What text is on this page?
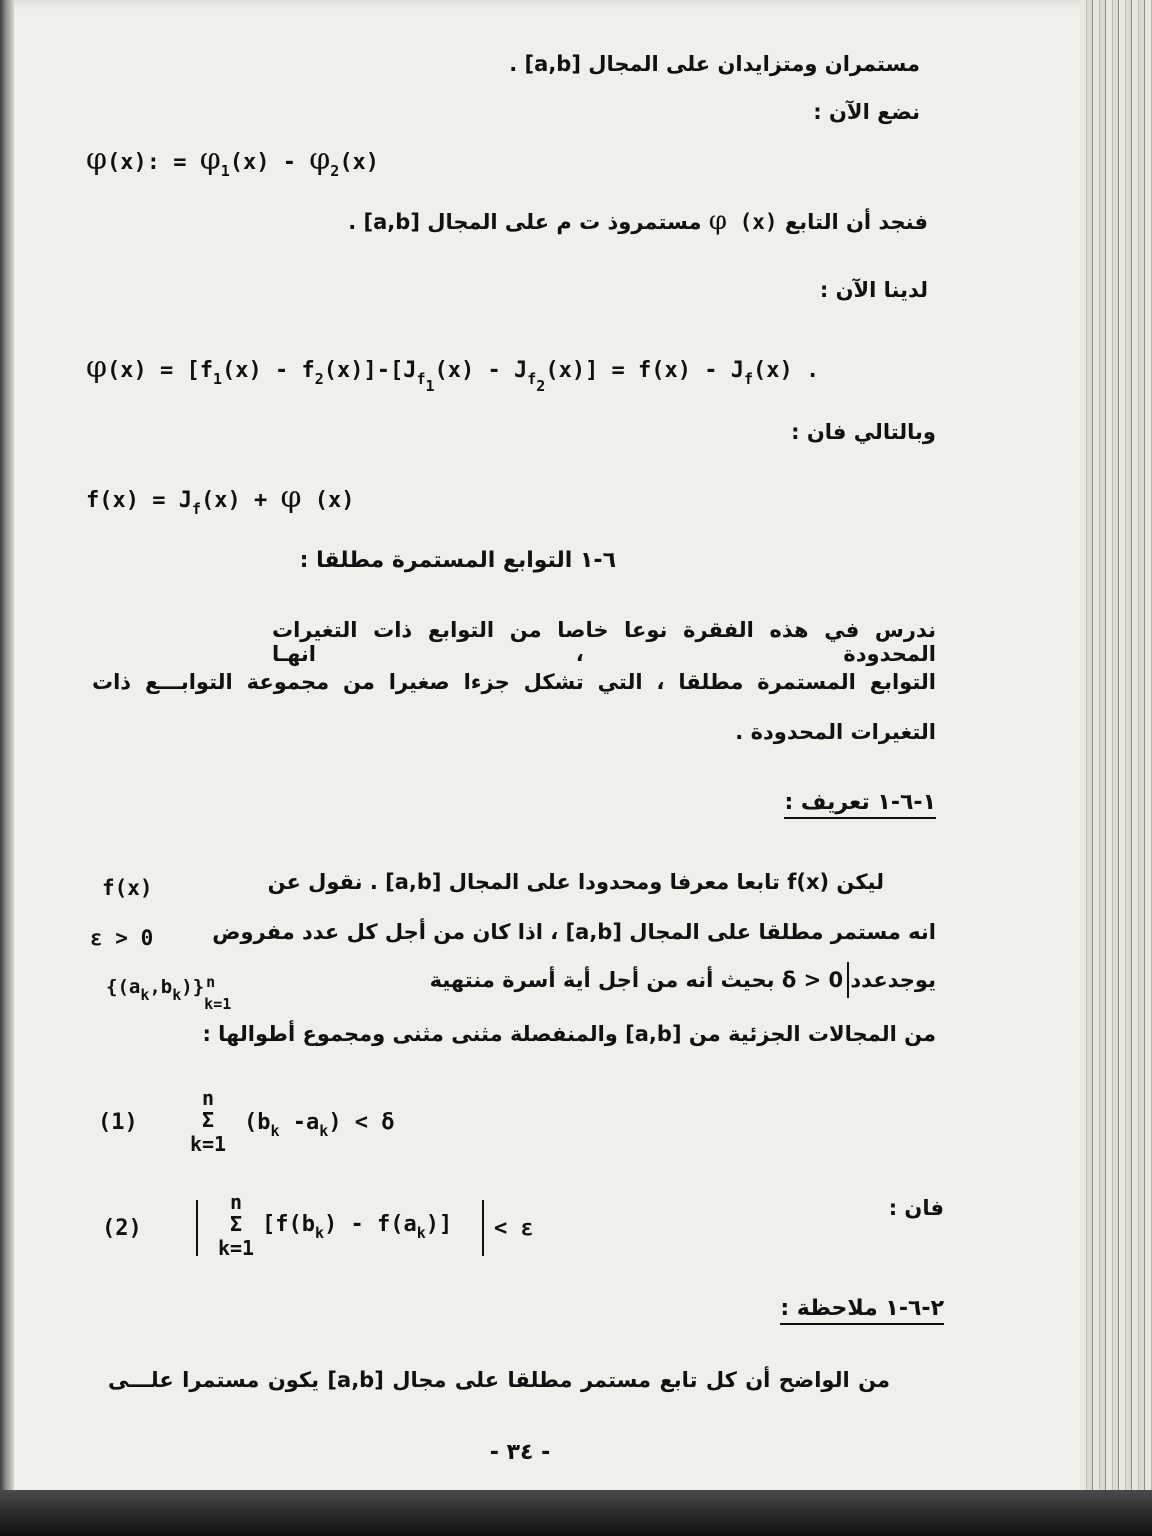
مستمران ومتزايدان على المجال [a,b] .
نضع الآن :
φ(x): = $\varphi_1(x) - \varphi_2(x)$
فنجد أن التابع φ (x) مستمروذ ت م على المجال [a,b] .
لدينا الآن :
$\varphi(x) = [f_1(x) - f_2(x)]-[J_{f_1}(x) - J_{f_2}(x)] = f(x) - J_f(x)$ .
وبالتالي فان :
$f(x) = J_f(x) + \varphi$ (x)
٦-١ التوابع المستمرة مطلقا :
ندرس في هذه الفقرة نوعا خاصا من التوابع ذات التغيرات المحدودة ، انهـا
التوابع المستمرة مطلقا ، التي تشكل جزءا صغيرا من مجموعة التوابـــع ذات
التغيرات المحدودة .
١-٦-١ تعريف :
f(x)	ليكن (f(x تابعا معرفا ومحدودا على المجال [a,b] . نقول عن
ε > 0	انه مستمر مطلقا على المجال [a,b] ، اذا كان من أجل كل عدد مفروض
$\{(a_k,b_k)\}$ n
k=1
يوجدعدد δ > 0 بحيث أنه من أجل أية أسرة منتهية
من المجالات الجزئية من [a,b] والمنفصلة مثنى مثنى ومجموع أطوالها :
(1)
n
Σ
k=1
($b_k$ $-a_k) < \delta$
فان :
(2)
n
Σ
k=1
$[f(b_k) - f(a_k)] < \varepsilon$
٢-٦-١ ملاحظة :
من الواضح أن كل تابع مستمر مطلقا على مجال [a,b] يكون مستمرا علـــى
- ٣٤ -
